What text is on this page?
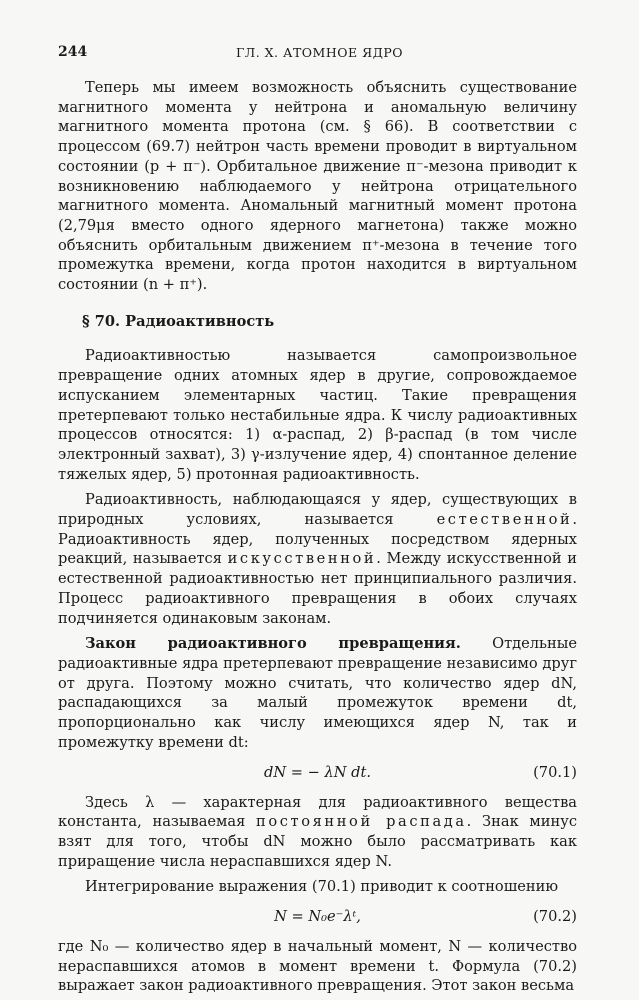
244	ГЛ. X. АТОМНОЕ ЯДРО

Теперь мы имеем возможность объяснить существование магнитного момента у нейтрона и аномальную величину магнитного момента протона (см. § 66). В соответствии с процессом (69.7) нейтрон часть времени проводит в виртуальном состоянии (p + π⁻). Орбитальное движение π⁻-мезона приводит к возникновению наблюдаемого у нейтрона отрицательного магнитного момента. Аномальный магнитный момент протона (2,79μя вместо одного ядерного магнетона) также можно объяснить орбитальным движением π⁺-мезона в течение того промежутка времени, когда протон находится в виртуальном состоянии (n + π⁺).

§ 70. Радиоактивность

Радиоактивностью называется самопроизвольное превращение одних атомных ядер в другие, сопровождаемое испусканием элементарных частиц. Такие превращения претерпевают только нестабильные ядра. К числу радиоактивных процессов относятся: 1) α-распад, 2) β-распад (в том числе электронный захват), 3) γ-излучение ядер, 4) спонтанное деление тяжелых ядер, 5) протонная радиоактивность.

Радиоактивность, наблюдающаяся у ядер, существующих в природных условиях, называется естественной. Радиоактивность ядер, полученных посредством ядерных реакций, называется искусственной. Между искусственной и естественной радиоактивностью нет принципиального различия. Процесс радиоактивного превращения в обоих случаях подчиняется одинаковым законам.

Закон радиоактивного превращения. Отдельные радиоактивные ядра претерпевают превращение независимо друг от друга. Поэтому можно считать, что количество ядер dN, распадающихся за малый промежуток времени dt, пропорционально как числу имеющихся ядер N, так и промежутку времени dt:

dN = − λN dt.	(70.1)

Здесь λ — характерная для радиоактивного вещества константа, называемая постоянной распада. Знак минус взят для того, чтобы dN можно было рассматривать как приращение числа нераспавшихся ядер N.

Интегрирование выражения (70.1) приводит к соотношению

N = N₀e⁻λᵗ,	(70.2)

где N₀ — количество ядер в начальный момент, N — количество нераспавшихся атомов в момент времени t. Формула (70.2) выражает закон радиоактивного превращения. Этот закон весьма
